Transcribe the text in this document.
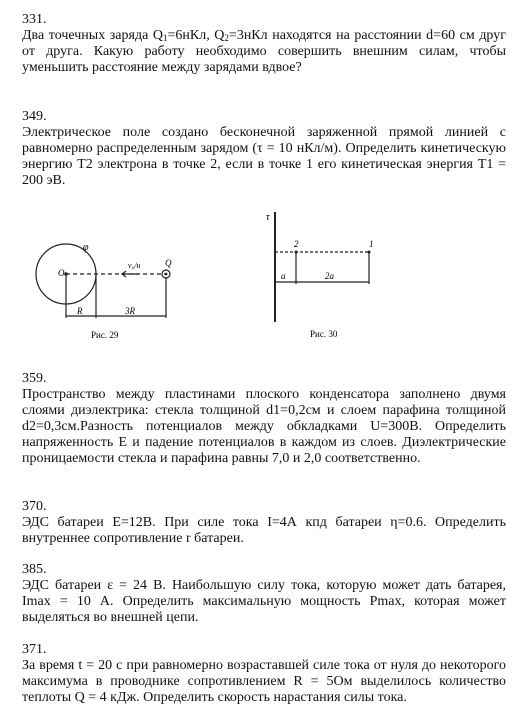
331.
Два точечных заряда $Q_1=6нКл$, $Q_2=3нКл$ находятся на расстоянии d=60 см друг от друга. Какую работу необходимо совершить внешним силам, чтобы уменьшить расстояние между зарядами вдвое?
349.
Электрическое поле создано бесконечной заряженной прямой линией с равномерно распределенным зарядом (τ = 10 нКл/м). Определить кинетическую энергию Т2 электрона в точке 2, если в точке 1 его кинетическая энергия Т1 = 200 эВ.
φ
O
v₀/н	Q
R	3R
Рис. 29
τ
2	1
a	2a
Рис. 30
359.
Пространство между пластинами плоского конденсатора заполнено двумя слоями диэлектрика: стекла толщиной d1=0,2см и слоем парафина толщиной d2=0,3см.Разность потенциалов между обкладками U=300В. Определить напряженность Е и падение потенциалов в каждом из слоев. Диэлектрические проницаемости стекла и парафина равны 7,0 и 2,0 соответственно.
370.
ЭДС батареи E=12В. При силе тока I=4А кпд батареи η=0.6. Определить внутреннее сопротивление r батареи.
385.
ЭДС батареи ε = 24 В. Наибольшую силу тока, которую может дать батарея, Imax = 10 А. Определить максимальную мощность Pmax, которая может выделяться во внешней цепи.
371.
За время t = 20 с при равномерно возраставшей силе тока от нуля до некоторого максимума в проводнике сопротивлением R = 5Ом выделилось количество теплоты Q = 4 кДж. Определить скорость нарастания силы тока.
